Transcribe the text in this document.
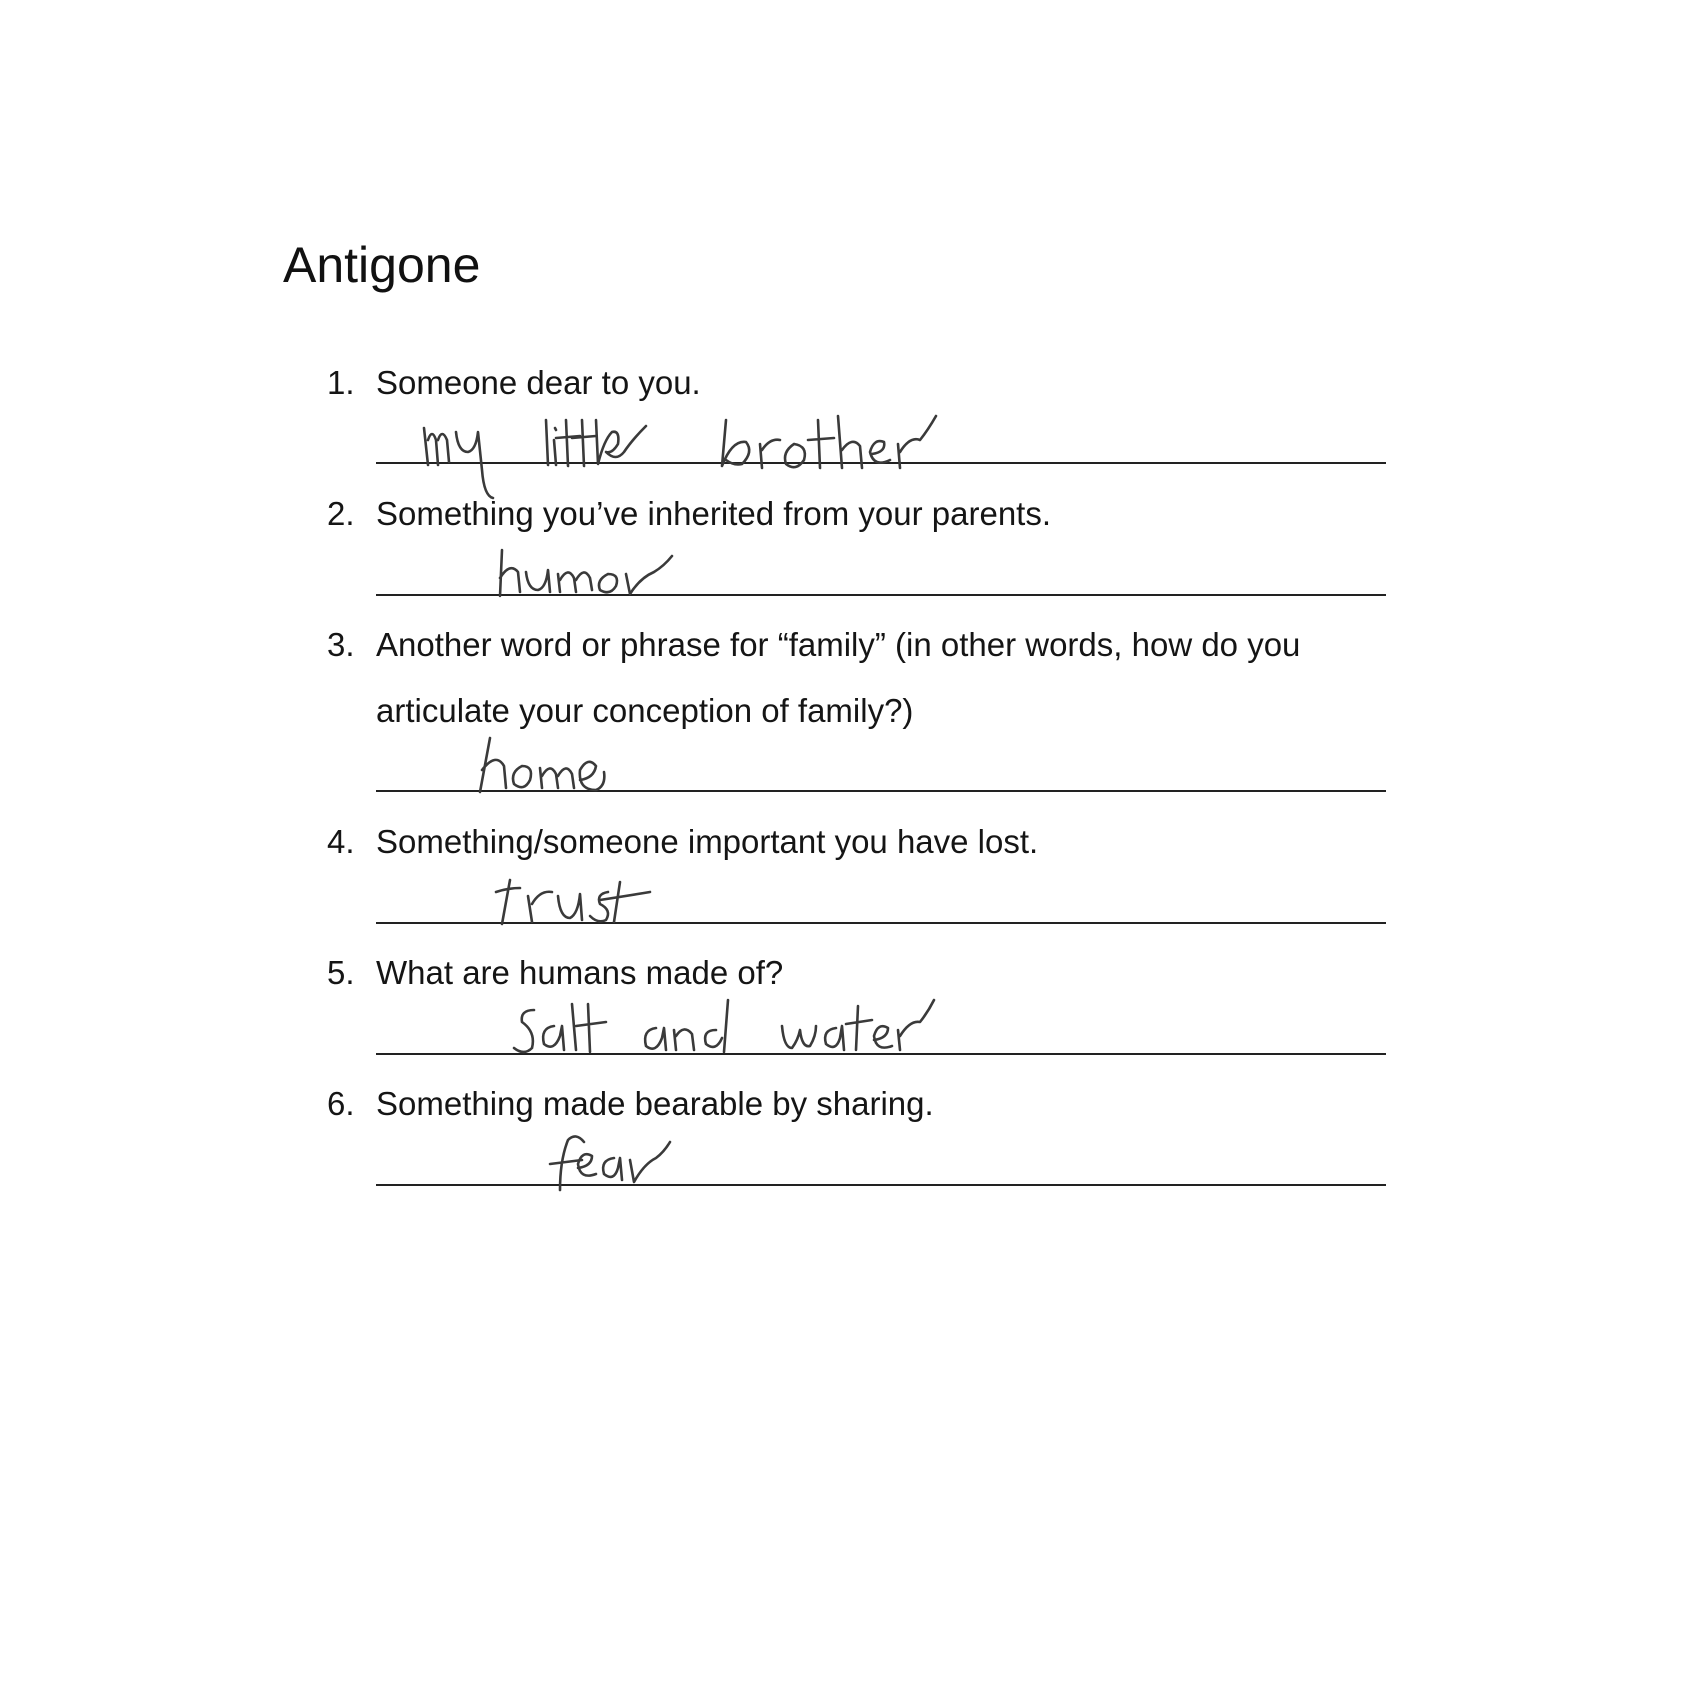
Antigone
1. Someone dear to you.
2. Something you’ve inherited from your parents.
3. Another word or phrase for “family” (in other words, how do you
articulate your conception of family?)
4. Something/someone important you have lost.
5. What are humans made of?
6. Something made bearable by sharing.
